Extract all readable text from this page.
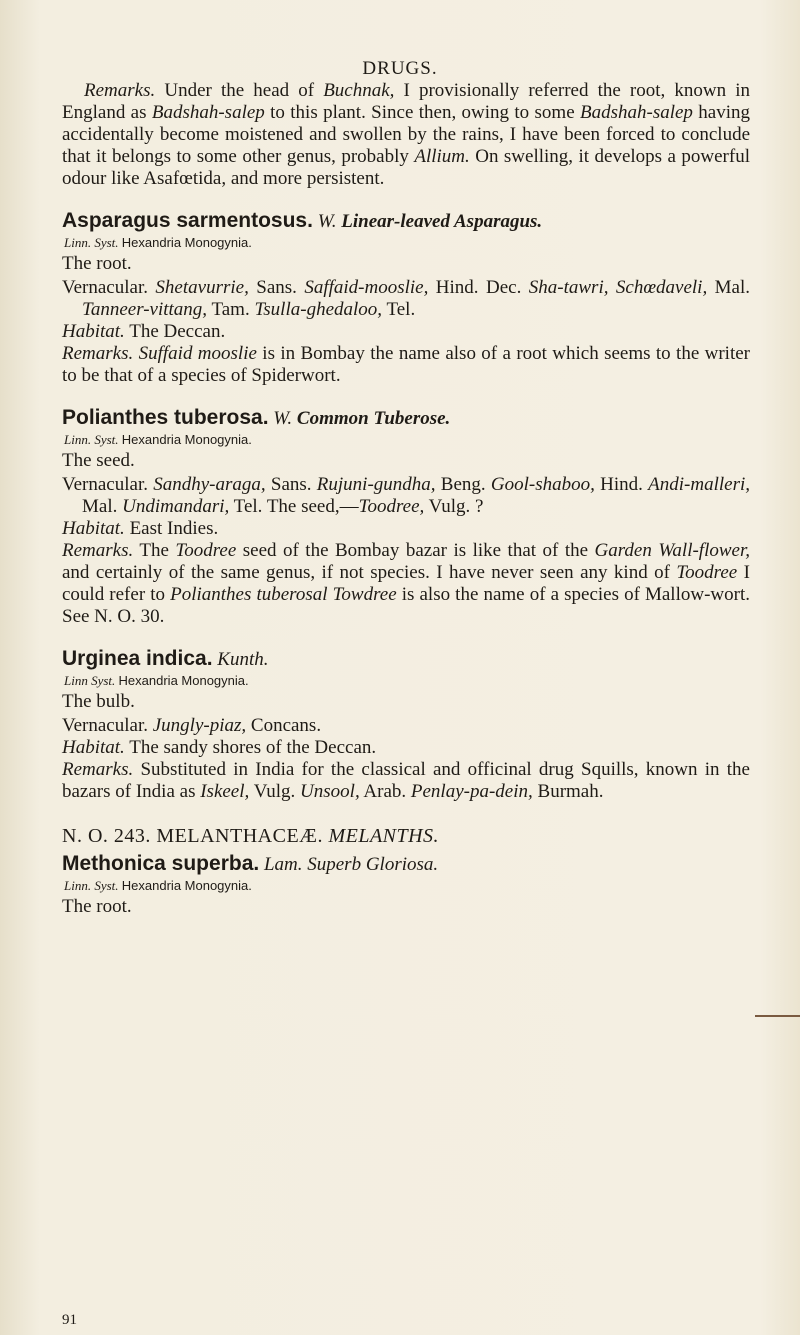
DRUGS.

Remarks. Under the head of Buchnak, I provisionally referred the root, known in England as Badshah-salep to this plant. Since then, owing to some Badshah-salep having accidentally become moistened and swollen by the rains, I have been forced to conclude that it belongs to some other genus, probably Allium. On swelling, it develops a powerful odour like Asafœtida, and more persistent.

Asparagus sarmentosus. W. Linear-leaved Asparagus.
Linn. Syst. Hexandria Monogynia.
The root.

Vernacular. Shetavurrie, Sans. Saffaid-mooslie, Hind. Dec. Sha-tawri, Schœdaveli, Mal. Tanneer-vittang, Tam. Tsulla-ghedaloo, Tel.

Habitat. The Deccan.

Remarks. Suffaid mooslie is in Bombay the name also of a root which seems to the writer to be that of a species of Spiderwort.

Polianthes tuberosa. W. Common Tuberose.
Linn. Syst. Hexandria Monogynia.
The seed.

Vernacular. Sandhy-araga, Sans. Rujuni-gundha, Beng. Gool-shaboo, Hind. Andi-malleri, Mal. Undimandari, Tel. The seed,—Toodree, Vulg. ?

Habitat. East Indies.

Remarks. The Toodree seed of the Bombay bazar is like that of the Garden Wall-flower, and certainly of the same genus, if not species. I have never seen any kind of Toodree I could refer to Polianthes tuberosal Towdree is also the name of a species of Mallow-wort. See N. O. 30.

Urginea indica. Kunth.
Linn Syst. Hexandria Monogynia.
The bulb.

Vernacular. Jungly-piaz, Concans.

Habitat. The sandy shores of the Deccan.

Remarks. Substituted in India for the classical and officinal drug Squills, known in the bazars of India as Iskeel, Vulg. Unsool, Arab. Penlay-pa-dein, Burmah.

N. O. 243. MELANTHACEÆ. MELANTHS.
Methonica superba. Lam. Superb Gloriosa.
Linn. Syst. Hexandria Monogynia.
The root.
91
